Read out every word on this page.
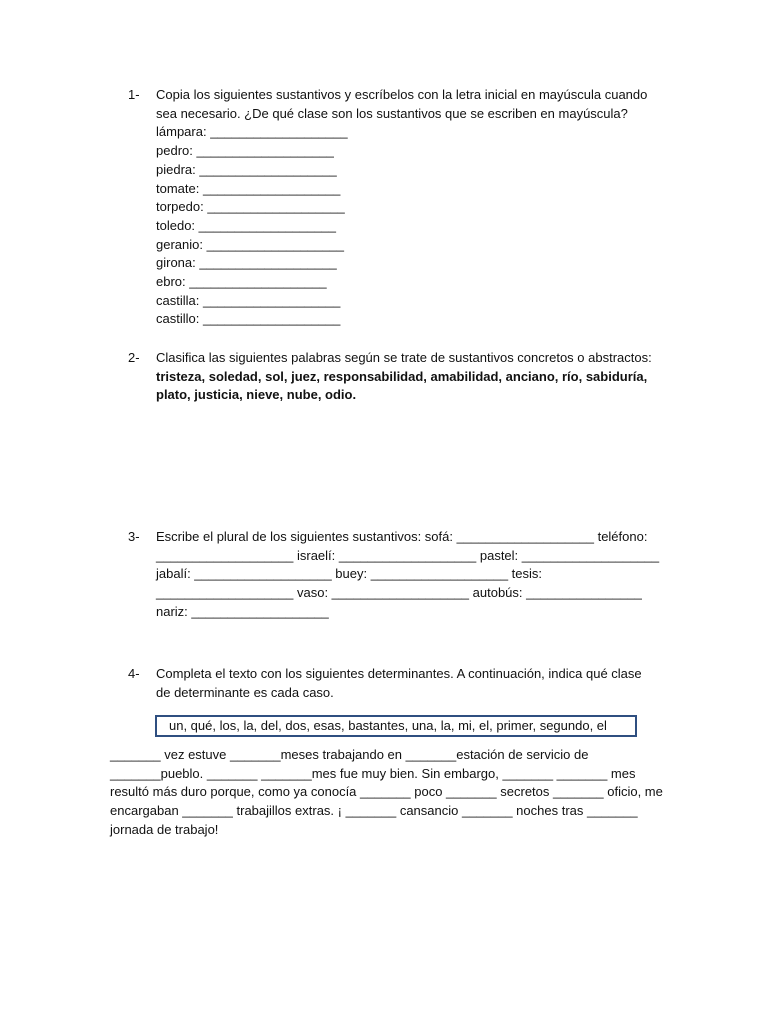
1-	Copia los siguientes sustantivos y escríbelos con la letra inicial en mayúscula cuando
sea necesario. ¿De qué clase son los sustantivos que se escriben en mayúscula?
lámpara: ___________________
pedro: ___________________
piedra: ___________________
tomate: ___________________
torpedo: ___________________
toledo: ___________________
geranio: ___________________
girona: ___________________
ebro: ___________________
castilla: ___________________
castillo: ___________________
2-	Clasifica las siguientes palabras según se trate de sustantivos concretos o abstractos:
tristeza, soledad, sol, juez, responsabilidad, amabilidad, anciano, río, sabiduría,
plato, justicia, nieve, nube, odio.
3-	Escribe el plural de los siguientes sustantivos: sofá: ___________________ teléfono:
___________________ israelí: ___________________ pastel: ___________________
jabalí: ___________________ buey: ___________________ tesis:
___________________ vaso: ___________________ autobús: ________________
nariz: ___________________
4-	Completa el texto con los siguientes determinantes. A continuación, indica qué clase
de determinante es cada caso.
un, qué, los, la, del, dos, esas, bastantes, una, la, mi, el, primer, segundo, el
_______ vez estuve _______meses trabajando en _______estación de servicio de
_______pueblo. _______ _______mes fue muy bien. Sin embargo, _______ _______ mes
resultó más duro porque, como ya conocía _______ poco _______ secretos _______ oficio, me
encargaban _______ trabajillos extras. ¡ _______ cansancio _______ noches tras _______
jornada de trabajo!
